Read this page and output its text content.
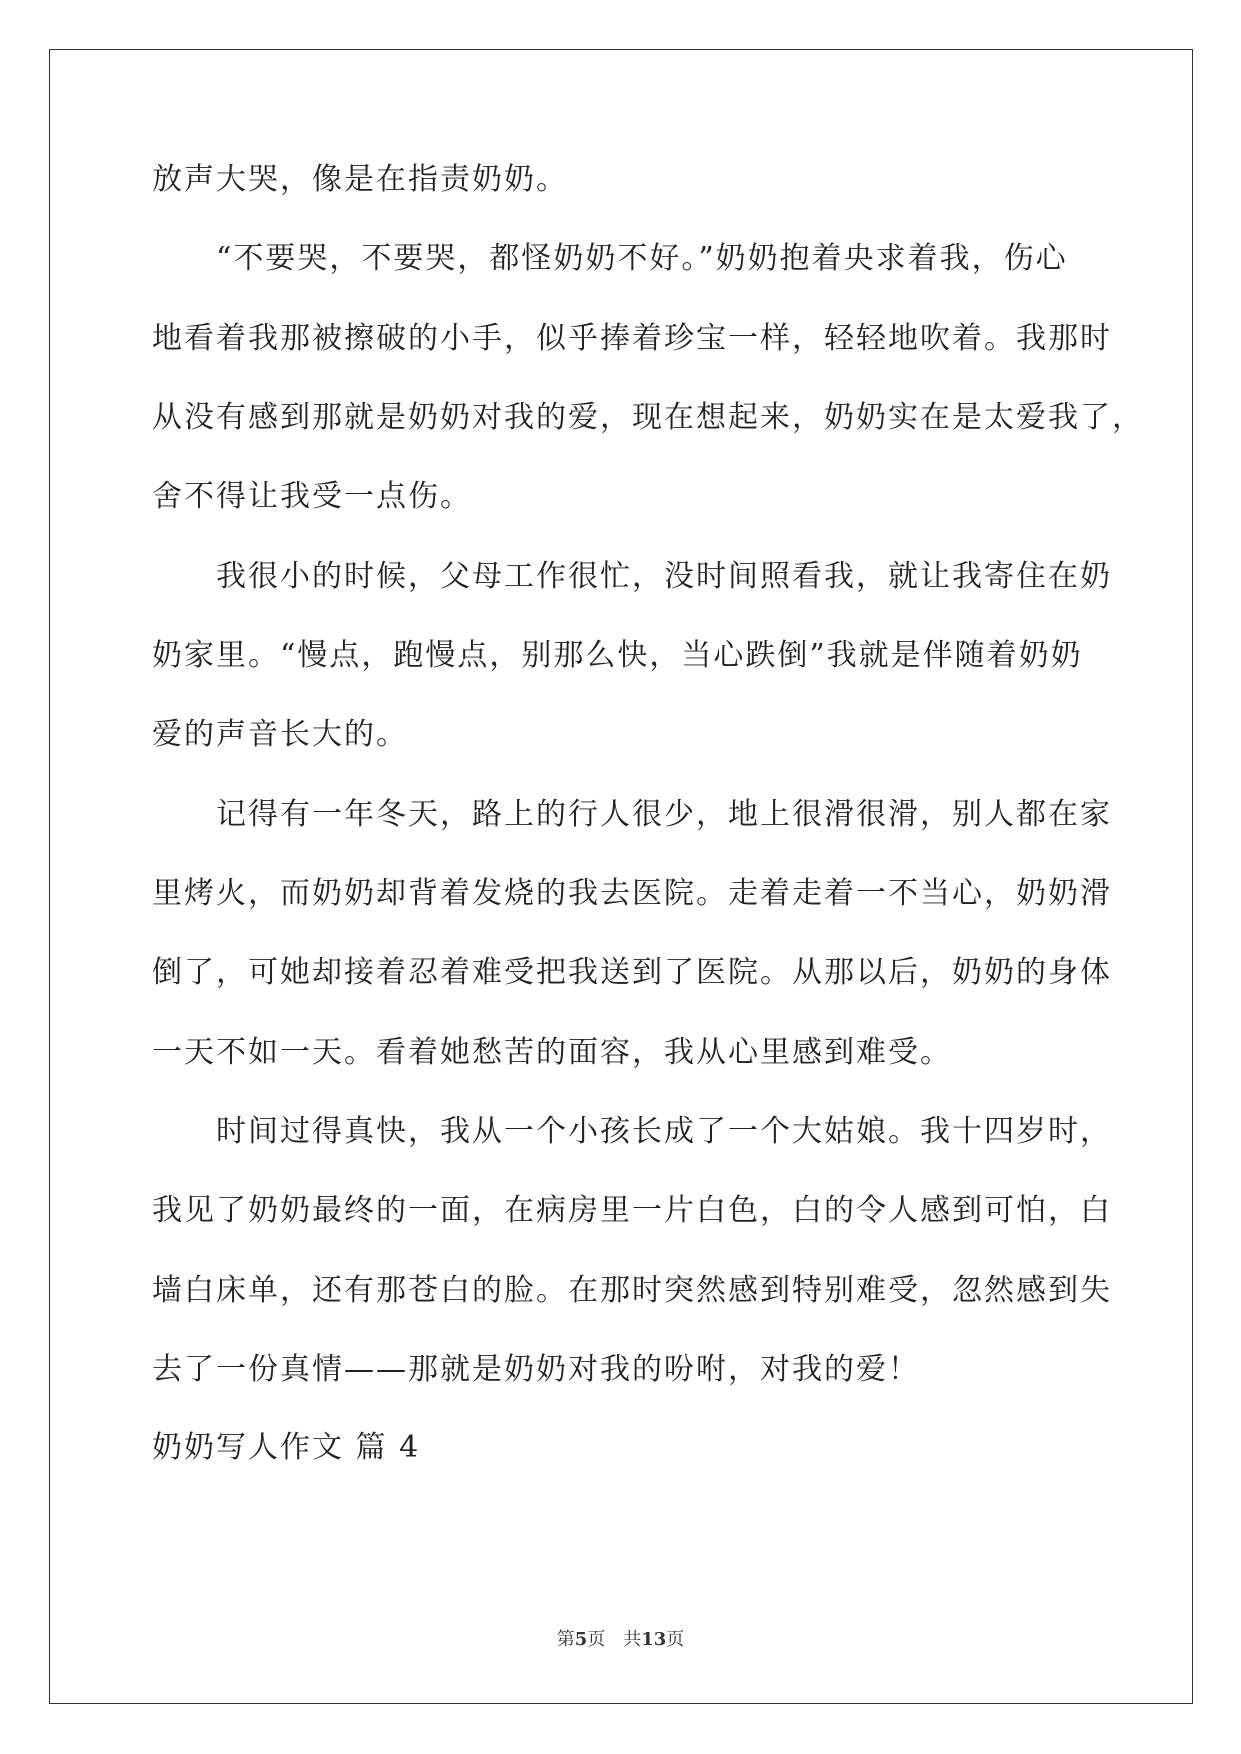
放声大哭，像是在指责奶奶。
“不要哭，不要哭，都怪奶奶不好。”奶奶抱着央求着我，伤心
地看着我那被擦破的小手，似乎捧着珍宝一样，轻轻地吹着。我那时
从没有感到那就是奶奶对我的爱，现在想起来，奶奶实在是太爱我了，
舍不得让我受一点伤。
我很小的时候，父母工作很忙，没时间照看我，就让我寄住在奶
奶家里。“慢点，跑慢点，别那么快，当心跌倒”我就是伴随着奶奶
爱的声音长大的。
记得有一年冬天，路上的行人很少，地上很滑很滑，别人都在家
里烤火，而奶奶却背着发烧的我去医院。走着走着一不当心，奶奶滑
倒了，可她却接着忍着难受把我送到了医院。从那以后，奶奶的身体
一天不如一天。看着她愁苦的面容，我从心里感到难受。
时间过得真快，我从一个小孩长成了一个大姑娘。我十四岁时，
我见了奶奶最终的一面，在病房里一片白色，白的令人感到可怕，白
墙白床单，还有那苍白的脸。在那时突然感到特别难受，忽然感到失
去了一份真情——那就是奶奶对我的吩咐，对我的爱！
奶奶写人作文 篇 4
第5页　共13页
